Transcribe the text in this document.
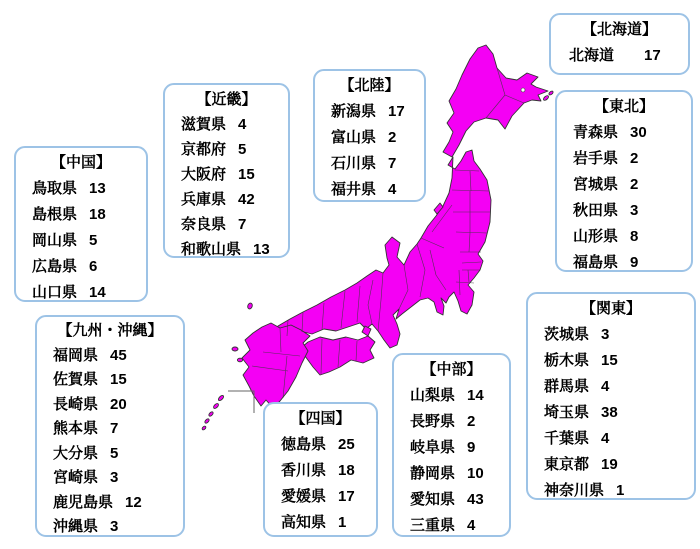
【北海道】
北海道 17
【東北】
青森県 30
岩手県 2
宮城県 2
秋田県 3
山形県 8
福島県 9
【関東】
茨城県 3
栃木県 15
群馬県 4
埼玉県 38
千葉県 4
東京都 19
神奈川県 1
【北陸】
新潟県 17
富山県 2
石川県 7
福井県 4
【中部】
山梨県 14
長野県 2
岐阜県 9
静岡県 10
愛知県 43
三重県 4
【近畿】
滋賀県 4
京都府 5
大阪府 15
兵庫県 42
奈良県 7
和歌山県 13
【中国】
鳥取県 13
島根県 18
岡山県 5
広島県 6
山口県 14
【四国】
徳島県 25
香川県 18
愛媛県 17
高知県 1
【九州・沖縄】
福岡県 45
佐賀県 15
長崎県 20
熊本県 7
大分県 5
宮崎県 3
鹿児島県 12
沖縄県 3
